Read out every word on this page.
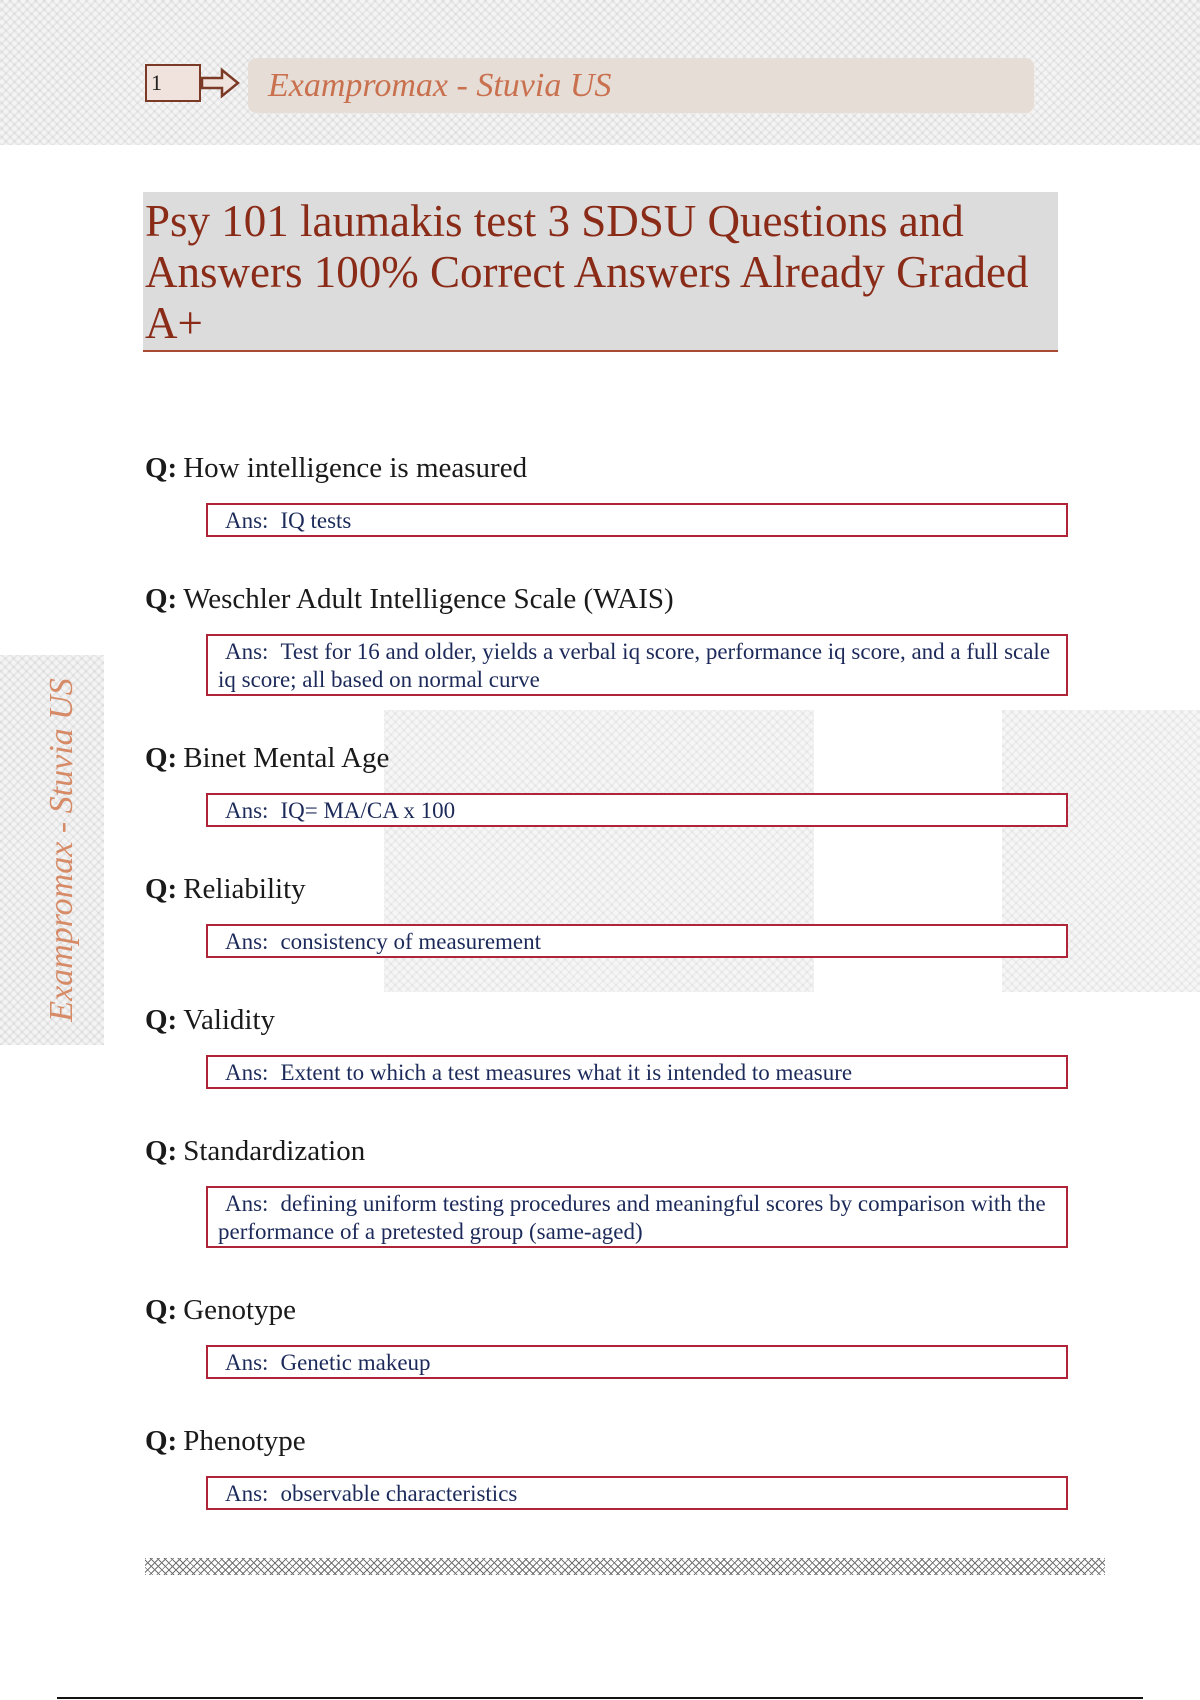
1	Exampromax - Stuvia US
Exampromax - Stuvia US
Psy 101 laumakis test 3 SDSU Questions and Answers 100% Correct Answers Already Graded A+
Q: How intelligence is measured
Ans: IQ tests
Q: Weschler Adult Intelligence Scale (WAIS)
Ans: Test for 16 and older, yields a verbal iq score, performance iq score, and a full scale iq score; all based on normal curve
Q: Binet Mental Age
Ans: IQ= MA/CA x 100
Q: Reliability
Ans: consistency of measurement
Q: Validity
Ans: Extent to which a test measures what it is intended to measure
Q: Standardization
Ans: defining uniform testing procedures and meaningful scores by comparison with the performance of a pretested group (same-aged)
Q: Genotype
Ans: Genetic makeup
Q: Phenotype
Ans: observable characteristics
